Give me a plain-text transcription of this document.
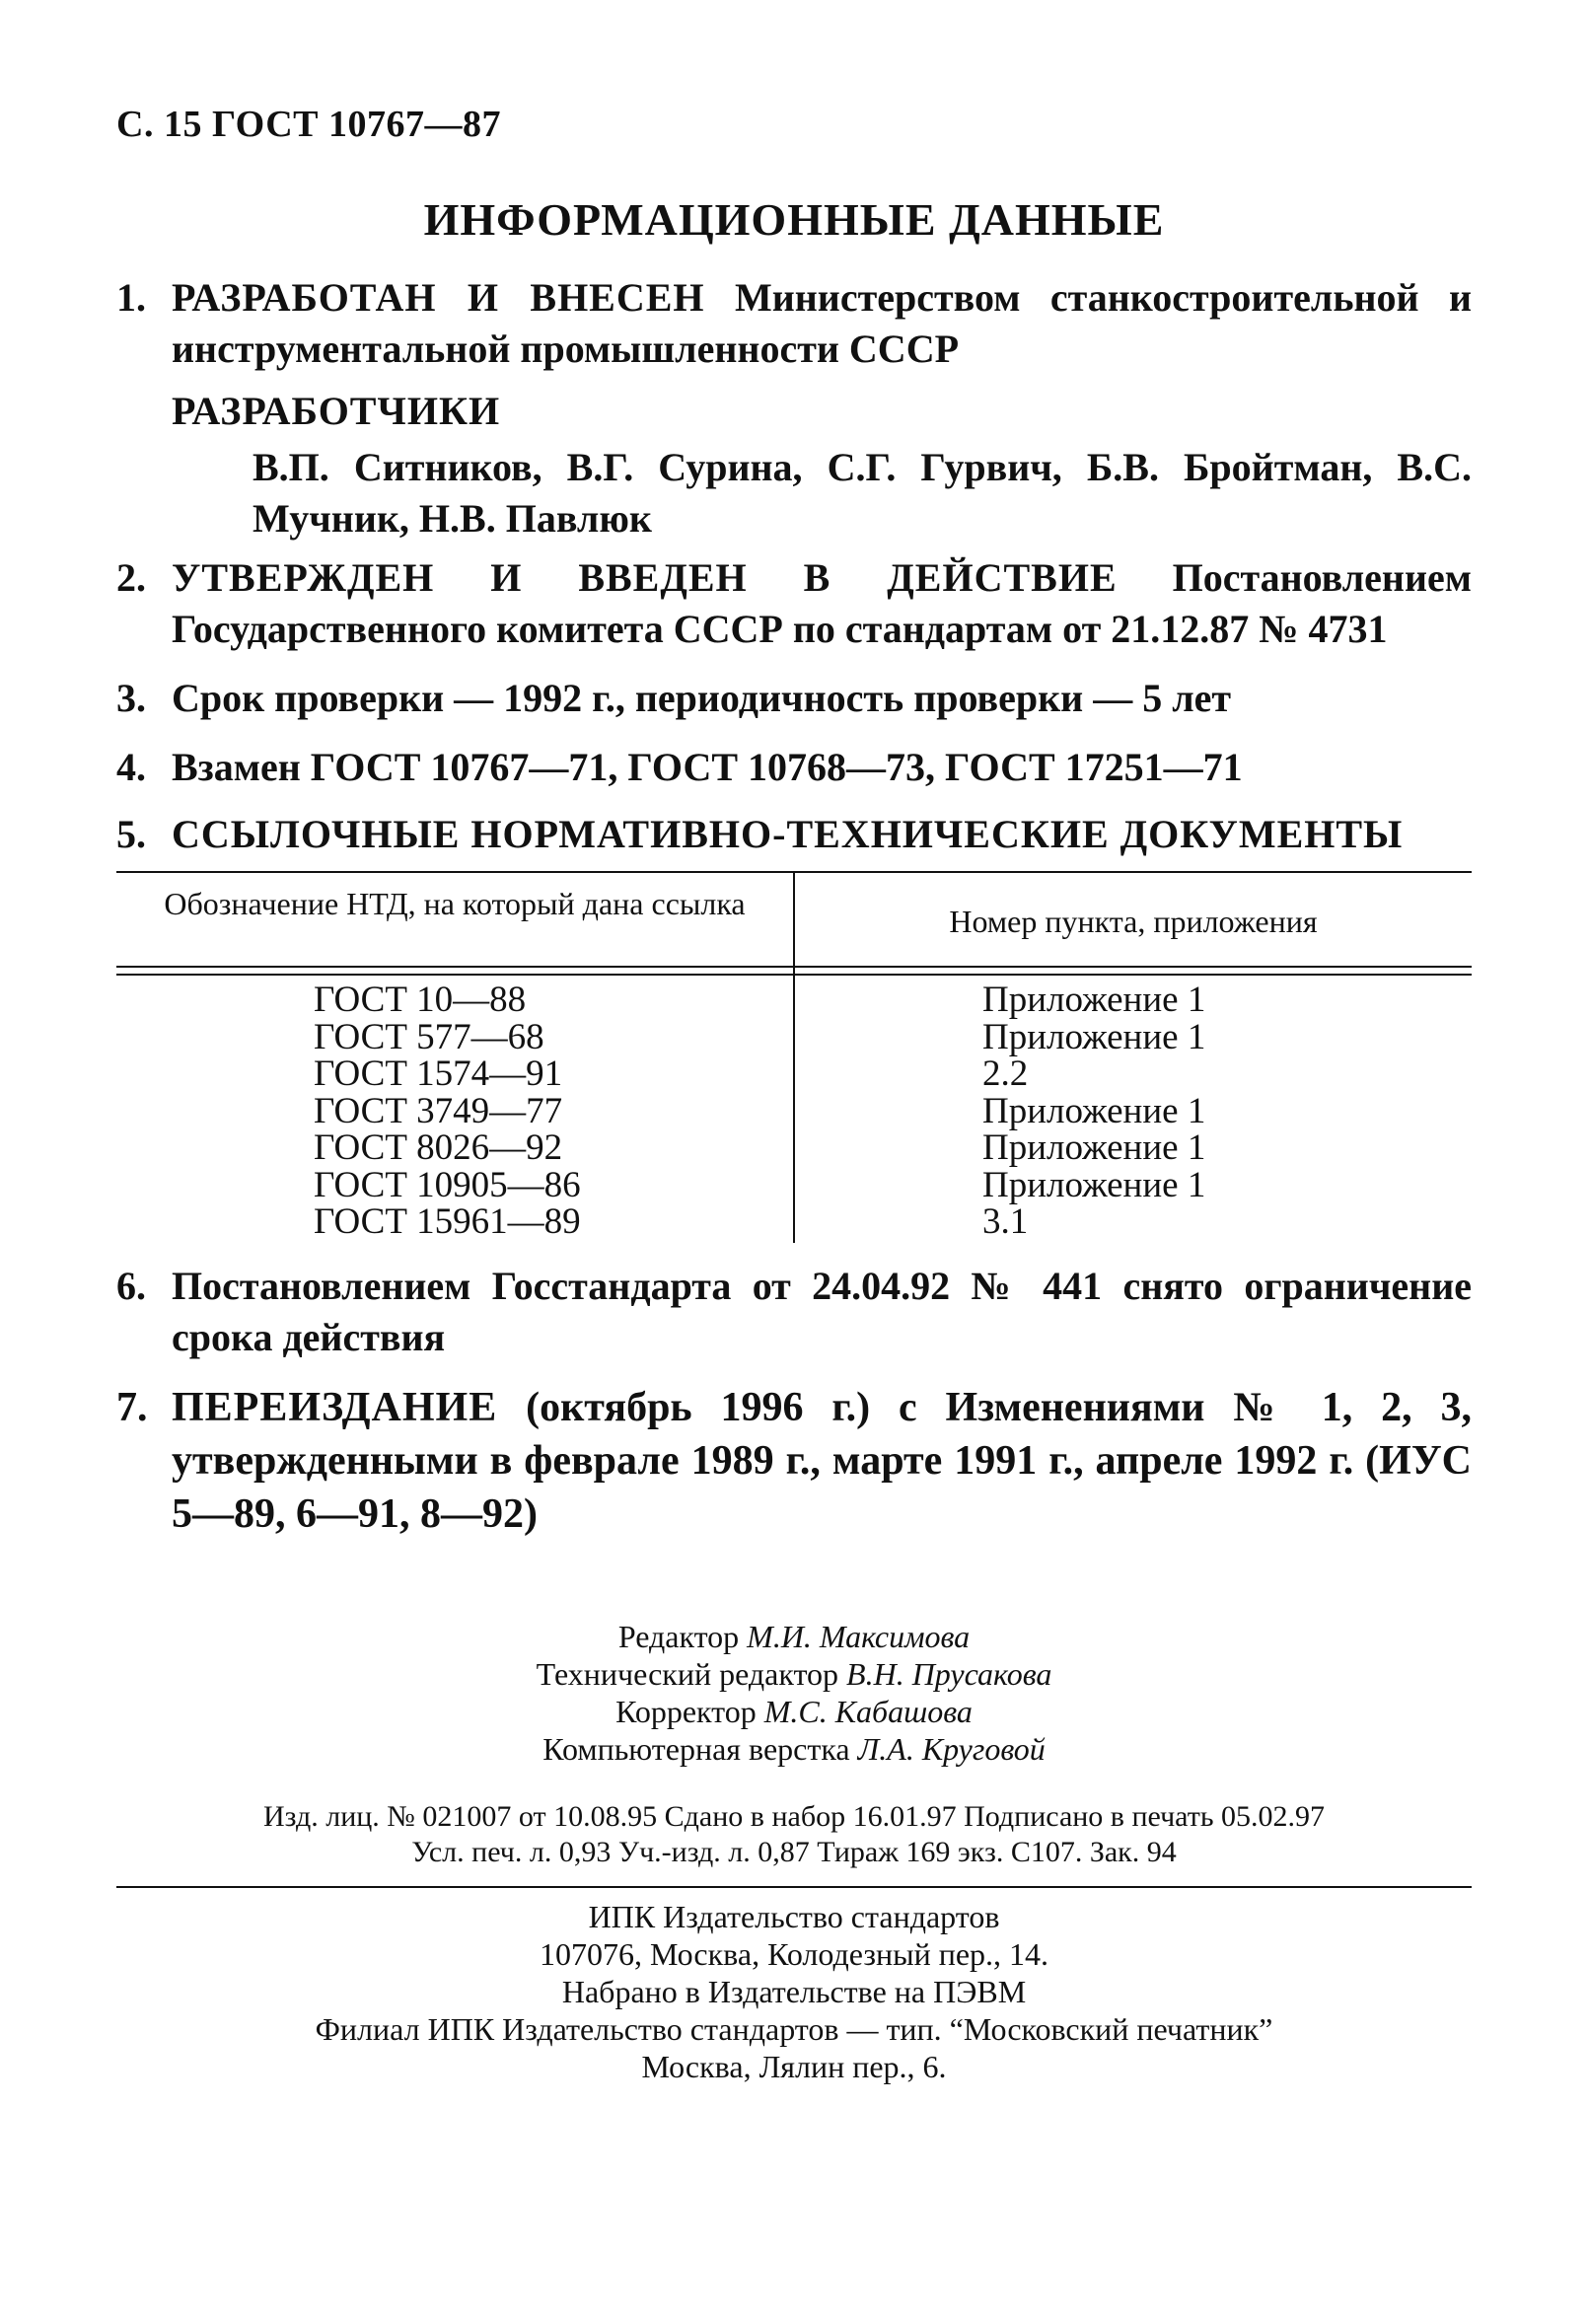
С. 15 ГОСТ 10767—87
ИНФОРМАЦИОННЫЕ ДАННЫЕ
1. РАЗРАБОТАН И ВНЕСЕН Министерством станкостроительной и инструментальной промышленности СССР
РАЗРАБОТЧИКИ
В.П. Ситников, В.Г. Сурина, С.Г. Гурвич, Б.В. Бройтман, В.С. Мучник, Н.В. Павлюк
2. УТВЕРЖДЕН И ВВЕДЕН В ДЕЙСТВИЕ Постановлением Государственного комитета СССР по стандартам от 21.12.87 № 4731
3. Срок проверки — 1992 г., периодичность проверки — 5 лет
4. Взамен ГОСТ 10767—71, ГОСТ 10768—73, ГОСТ 17251—71
5. ССЫЛОЧНЫЕ НОРМАТИВНО-ТЕХНИЧЕСКИЕ ДОКУМЕНТЫ
Обозначение НТД, на который дана ссылка	Номер пункта, приложения
ГОСТ 10—88
ГОСТ 577—68
ГОСТ 1574—91
ГОСТ 3749—77
ГОСТ 8026—92
ГОСТ 10905—86
ГОСТ 15961—89
Приложение 1
Приложение 1
2.2
Приложение 1
Приложение 1
Приложение 1
3.1
6. Постановлением Госстандарта от 24.04.92 № 441 снято ограничение срока действия
7. ПЕРЕИЗДАНИЕ (октябрь 1996 г.) с Изменениями № 1, 2, 3, утвержденными в феврале 1989 г., марте 1991 г., апреле 1992 г. (ИУС 5—89, 6—91, 8—92)
Редактор М.И. Максимова
Технический редактор В.Н. Прусакова
Корректор М.С. Кабашова
Компьютерная верстка Л.А. Круговой
Изд. лиц. № 021007 от 10.08.95 Сдано в набор 16.01.97 Подписано в печать 05.02.97
Усл. печ. л. 0,93 Уч.-изд. л. 0,87 Тираж 169 экз. С107. Зак. 94
ИПК Издательство стандартов
107076, Москва, Колодезный пер., 14.
Набрано в Издательстве на ПЭВМ
Филиал ИПК Издательство стандартов — тип. “Московский печатник”
Москва, Лялин пер., 6.
